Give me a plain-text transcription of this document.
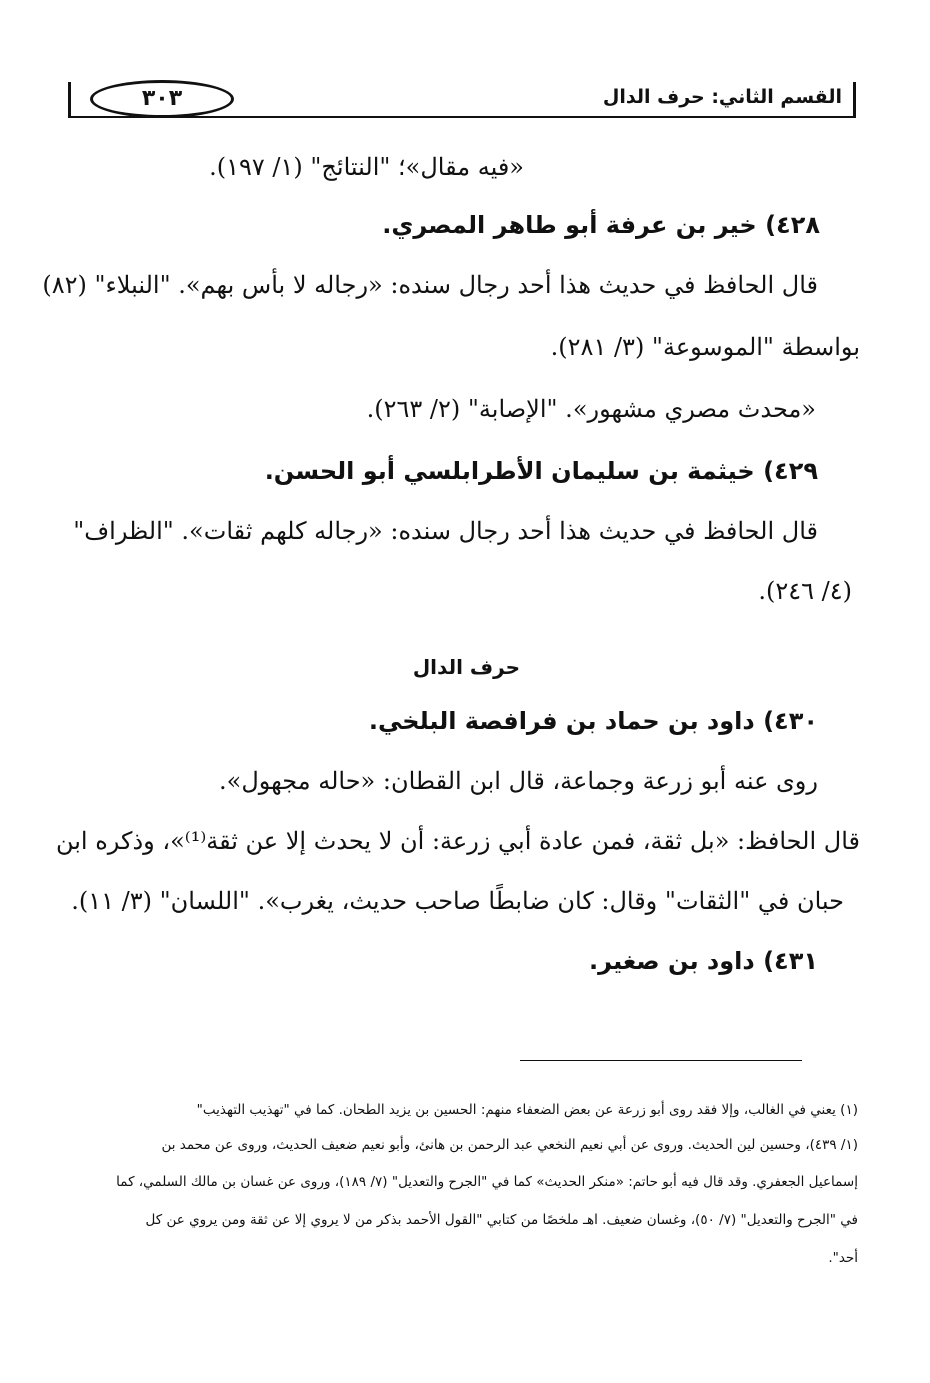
القسم الثاني: حرف الدال
٣٠٣
«فيه مقال»؛ "النتائج" (١/ ١٩٧).
٤٢٨) خير بن عرفة أبو طاهر المصري.
قال الحافظ في حديث هذا أحد رجال سنده: «رجاله لا بأس بهم». "النبلاء" (٨٢)
بواسطة "الموسوعة" (٣/ ٢٨١).
«محدث مصري مشهور». "الإصابة" (٢/ ٢٦٣).
٤٢٩) خيثمة بن سليمان الأطرابلسي أبو الحسن.
قال الحافظ في حديث هذا أحد رجال سنده: «رجاله كلهم ثقات». "الظراف"
(٤/ ٢٤٦).
حرف الدال
٤٣٠) داود بن حماد بن فرافصة البلخي.
روى عنه أبو زرعة وجماعة، قال ابن القطان: «حاله مجهول».
قال الحافظ: «بل ثقة، فمن عادة أبي زرعة: أن لا يحدث إلا عن ثقة⁽¹⁾»، وذكره ابن
حبان في "الثقات" وقال: كان ضابطًا صاحب حديث، يغرب». "اللسان" (٣/ ١١).
٤٣١) داود بن صغير.
(١) يعني في الغالب، وإلا فقد روى أبو زرعة عن بعض الضعفاء منهم: الحسين بن يزيد الطحان. كما في "تهذيب التهذيب"
(١/ ٤٣٩)، وحسين لين الحديث. وروى عن أبي نعيم النخعي عبد الرحمن بن هانئ، وأبو نعيم ضعيف الحديث، وروى عن محمد بن
إسماعيل الجعفري. وقد قال فيه أبو حاتم: «منكر الحديث» كما في "الجرح والتعديل" (٧/ ١٨٩)، وروى عن غسان بن مالك السلمي، كما
في "الجرح والتعديل" (٧/ ٥٠)، وغسان ضعيف. اهـ ملخصًا من كتابي "القول الأحمد بذكر من لا يروي إلا عن ثقة ومن يروي عن كل
أحد".
